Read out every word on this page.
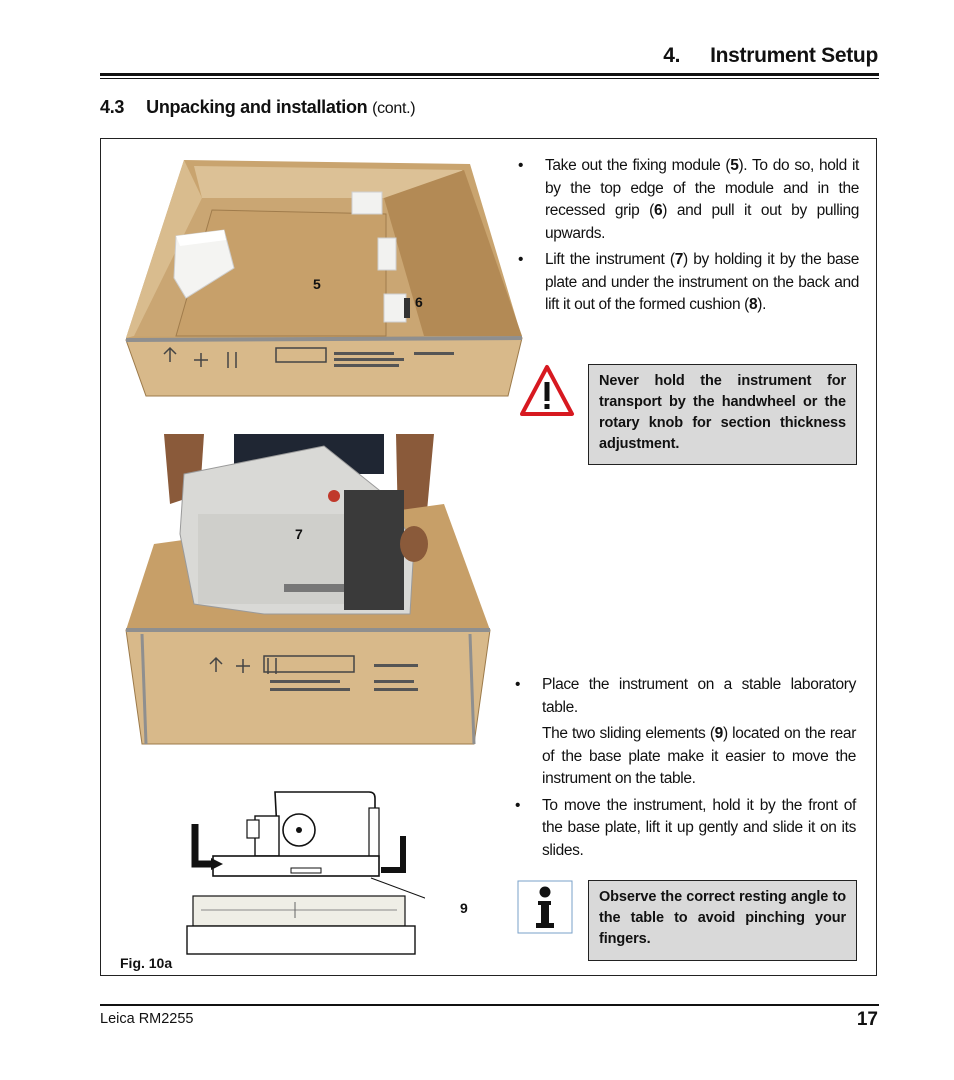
4. Instrument Setup
4.3 Unpacking and installation (cont.)
5
6
7
9
Fig. 10a
• Take out the fixing module (5). To do so, hold it by the top edge of the module and in the recessed grip (6) and pull it out by pulling upwards.
• Lift the instrument (7) by holding it by the base plate and under the instrument on the back and lift it out of the formed cushion (8).
Never hold the instrument for transport by the handwheel or the rotary knob for section thickness adjustment.
• Place the instrument on a stable laboratory table.
The two sliding elements (9) located on the rear of the base plate make it easier to move the instrument on the table.
• To move the instrument, hold it by the front of the base plate, lift it up gently and slide it on its slides.
Observe the correct resting angle to the table to avoid pinching your fingers.
Leica RM2255	17
